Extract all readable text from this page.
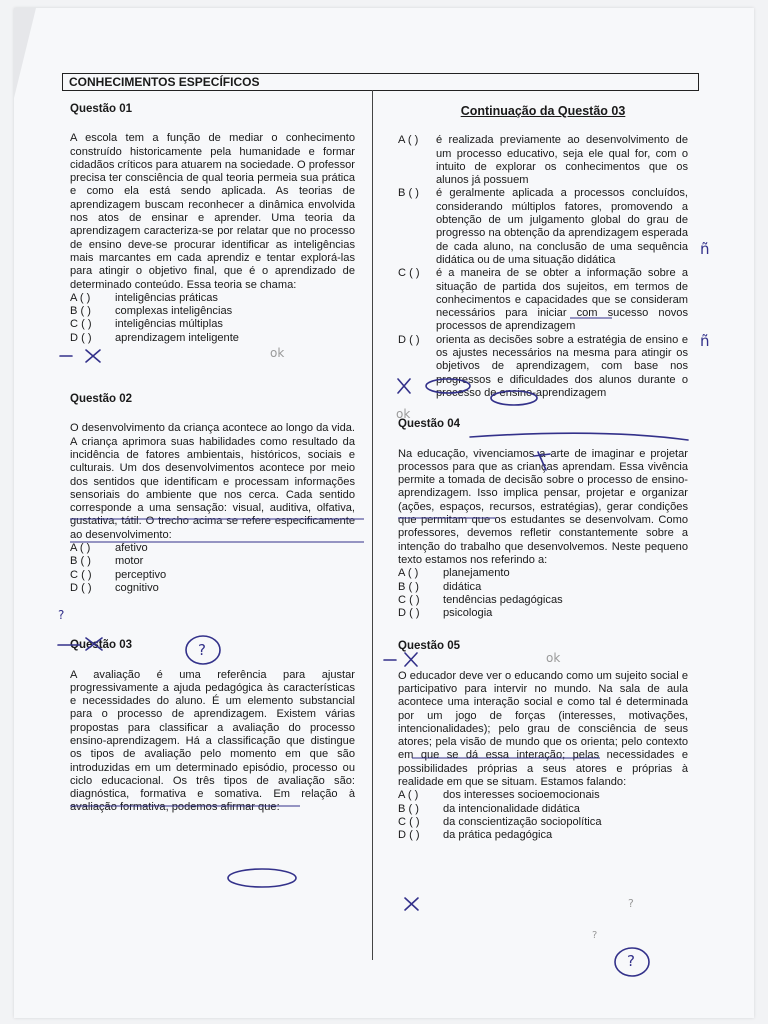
CONHECIMENTOS ESPECÍFICOS

Questão 01

A escola tem a função de mediar o conhecimento construído historicamente pela humanidade e formar cidadãos críticos para atuarem na sociedade. O professor precisa ter consciência de qual teoria permeia sua prática e como ela está sendo aplicada. As teorias de aprendizagem buscam reconhecer a dinâmica envolvida nos atos de ensinar e aprender. Uma teoria da aprendizagem caracteriza-se por relatar que no processo de ensino deve-se procurar identificar as inteligências mais marcantes em cada aprendiz e tentar explorá-las para atingir o objetivo final, que é o aprendizado de determinado conteúdo. Essa teoria se chama:

A ( )	inteligências práticas
B ( )	complexas inteligências
C ( )	inteligências múltiplas
D ( )	aprendizagem inteligente

Questão 02

O desenvolvimento da criança acontece ao longo da vida. A criança aprimora suas habilidades como resultado da incidência de fatores ambientais, históricos, sociais e culturais. Um dos desenvolvimentos acontece por meio dos sentidos que identificam e processam informações sensoriais do ambiente que nos cerca. Cada sentido corresponde a uma sensação: visual, auditiva, olfativa, gustativa, tátil. O trecho acima se refere especificamente ao desenvolvimento:

A ( )	afetivo
B ( )	motor
C ( )	perceptivo
D ( )	cognitivo

Questão 03

A avaliação é uma referência para ajustar progressivamente a ajuda pedagógica às características e necessidades do aluno. É um elemento substancial para o processo de aprendizagem. Existem várias propostas para classificar a avaliação do processo ensino-aprendizagem. Há a classificação que distingue os tipos de avaliação pelo momento em que são introduzidas em um determinado episódio, processo ou ciclo educacional. Os três tipos de avaliação são: diagnóstica, formativa e somativa. Em relação à avaliação formativa, podemos afirmar que:

Continuação da Questão 03

A ( )	é realizada previamente ao desenvolvimento de um processo educativo, seja ele qual for, com o intuito de explorar os conhecimentos que os alunos já possuem
B ( )	é geralmente aplicada a processos concluídos, considerando múltiplos fatores, promovendo a obtenção de um julgamento global do grau de progresso na obtenção da aprendizagem esperada de cada aluno, na conclusão de uma sequência didática ou de uma situação didática
C ( )	é a maneira de se obter a informação sobre a situação de partida dos sujeitos, em termos de conhecimentos e capacidades que se consideram necessários para iniciar com sucesso novos processos de aprendizagem
D ( )	orienta as decisões sobre a estratégia de ensino e os ajustes necessários na mesma para atingir os objetivos de aprendizagem, com base nos progressos e dificuldades dos alunos durante o processo de ensino-aprendizagem

Questão 04

Na educação, vivenciamos a arte de imaginar e projetar processos para que as crianças aprendam. Essa vivência permite a tomada de decisão sobre o processo de ensino-aprendizagem. Isso implica pensar, projetar e organizar (ações, espaços, recursos, estratégias), gerar condições que permitam que os estudantes se desenvolvam. Como professores, devemos refletir constantemente sobre a intenção do trabalho que desenvolvemos. Neste pequeno texto estamos nos referindo a:

A ( )	planejamento
B ( )	didática
C ( )	tendências pedagógicas
D ( )	psicologia

Questão 05

O educador deve ver o educando como um sujeito social e participativo para intervir no mundo. Na sala de aula acontece uma interação social e como tal é determinada por um jogo de forças (interesses, motivações, intencionalidades); pelo grau de consciência de seus atores; pela visão de mundo que os orienta; pelo contexto em que se dá essa interação; pelas necessidades e possibilidades próprias a seus atores e próprias à realidade em que se situam. Estamos falando:

A ( )	dos interesses socioemocionais
B ( )	da intencionalidade didática
C ( )	da conscientização sociopolítica
D ( )	da prática pedagógica
ok
ok
ok
?
?
?
?
?
ñ
ñ
